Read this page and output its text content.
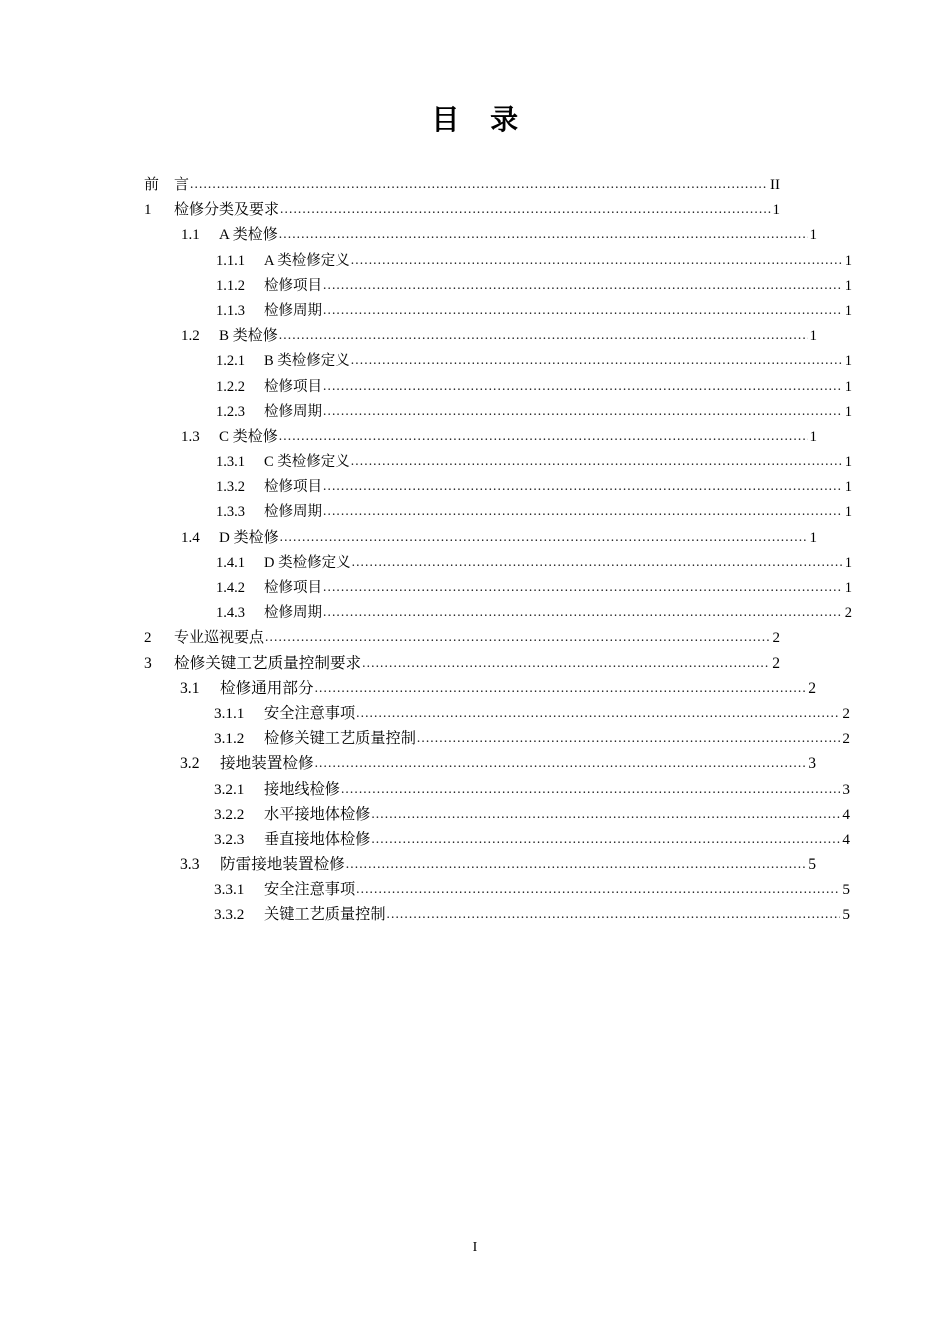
目    录
前    言 .....	II
1	检修分类及要求 .....	1
1.1	A 类检修 .....	1
1.1.1	A 类检修定义 .....	1
1.1.2	检修项目 .....	1
1.1.3	检修周期 .....	1
1.2	B 类检修 .....	1
1.2.1	B 类检修定义 .....	1
1.2.2	检修项目 .....	1
1.2.3	检修周期 .....	1
1.3	C 类检修 .....	1
1.3.1	C 类检修定义 .....	1
1.3.2	检修项目 .....	1
1.3.3	检修周期 .....	1
1.4	D 类检修 .....	1
1.4.1	D 类检修定义 .....	1
1.4.2	检修项目 .....	1
1.4.3	检修周期 .....	2
2	专业巡视要点 .....	2
3	检修关键工艺质量控制要求 .....	2
3.1	检修通用部分 .....	2
3.1.1	安全注意事项 .....	2
3.1.2	检修关键工艺质量控制 .....	2
3.2	接地装置检修 .....	3
3.2.1	接地线检修 .....	3
3.2.2	水平接地体检修 .....	4
3.2.3	垂直接地体检修 .....	4
3.3	防雷接地装置检修 .....	5
3.3.1	安全注意事项 .....	5
3.3.2	关键工艺质量控制 .....	5
I
